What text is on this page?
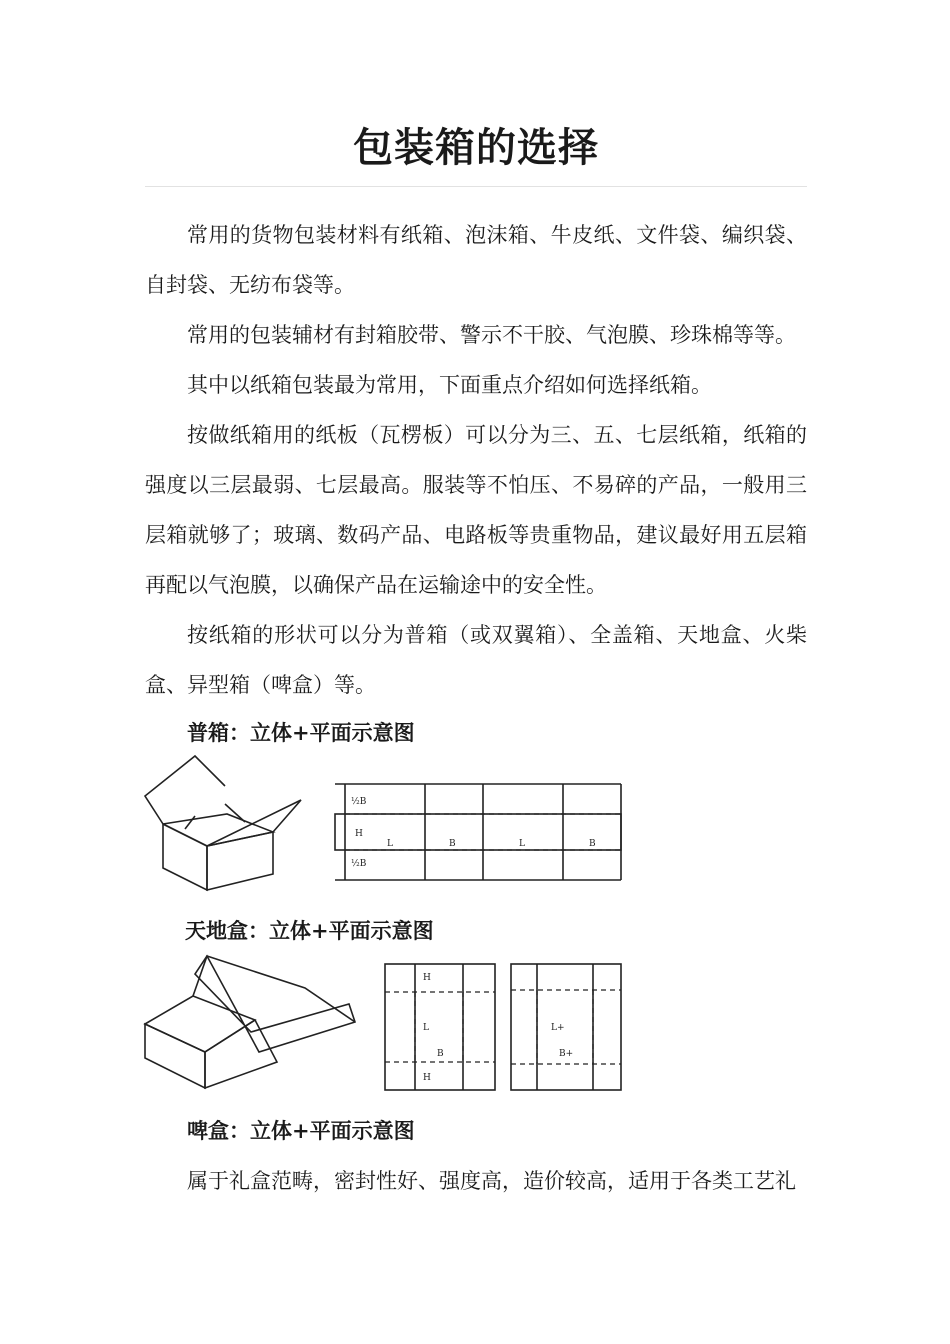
包装箱的选择

常用的货物包装材料有纸箱、泡沫箱、牛皮纸、文件袋、编织袋、自封袋、无纺布袋等。

常用的包装辅材有封箱胶带、警示不干胶、气泡膜、珍珠棉等等。

其中以纸箱包装最为常用，下面重点介绍如何选择纸箱。

按做纸箱用的纸板（瓦楞板）可以分为三、五、七层纸箱，纸箱的强度以三层最弱、七层最高。服装等不怕压、不易碎的产品，一般用三层箱就够了；玻璃、数码产品、电路板等贵重物品，建议最好用五层箱再配以气泡膜，以确保产品在运输途中的安全性。

按纸箱的形状可以分为普箱（或双翼箱）、全盖箱、天地盒、火柴盒、异型箱（啤盒）等。

普箱：立体+平面示意图

½B
H
½B
L	B	L	B

天地盒：立体+平面示意图

H
L
B
H
L+
B+

啤盒：立体+平面示意图

属于礼盒范畴，密封性好、强度高，造价较高，适用于各类工艺礼
